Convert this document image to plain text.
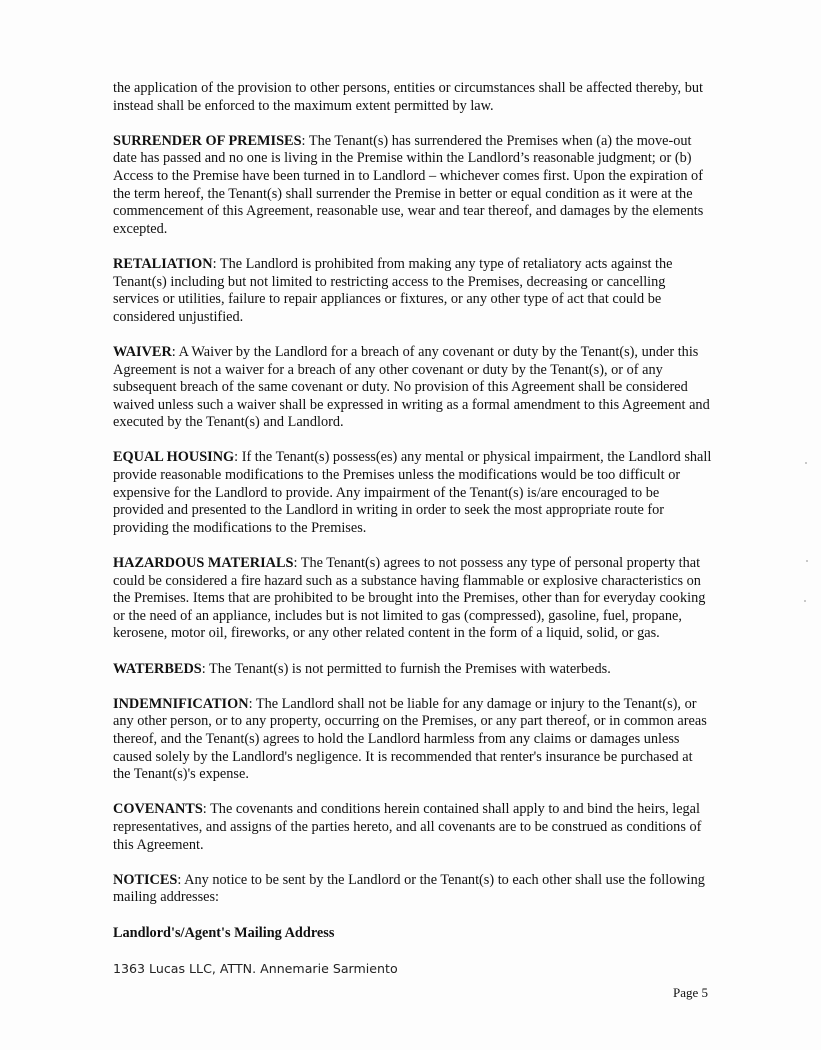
the application of the provision to other persons, entities or circumstances shall be affected thereby, but instead shall be enforced to the maximum extent permitted by law.

SURRENDER OF PREMISES: The Tenant(s) has surrendered the Premises when (a) the move-out date has passed and no one is living in the Premise within the Landlord’s reasonable judgment; or (b) Access to the Premise have been turned in to Landlord – whichever comes first. Upon the expiration of the term hereof, the Tenant(s) shall surrender the Premise in better or equal condition as it were at the commencement of this Agreement, reasonable use, wear and tear thereof, and damages by the elements excepted.

RETALIATION: The Landlord is prohibited from making any type of retaliatory acts against the Tenant(s) including but not limited to restricting access to the Premises, decreasing or cancelling services or utilities, failure to repair appliances or fixtures, or any other type of act that could be considered unjustified.

WAIVER: A Waiver by the Landlord for a breach of any covenant or duty by the Tenant(s), under this Agreement is not a waiver for a breach of any other covenant or duty by the Tenant(s), or of any subsequent breach of the same covenant or duty. No provision of this Agreement shall be considered waived unless such a waiver shall be expressed in writing as a formal amendment to this Agreement and executed by the Tenant(s) and Landlord.

EQUAL HOUSING: If the Tenant(s) possess(es) any mental or physical impairment, the Landlord shall provide reasonable modifications to the Premises unless the modifications would be too difficult or expensive for the Landlord to provide. Any impairment of the Tenant(s) is/are encouraged to be provided and presented to the Landlord in writing in order to seek the most appropriate route for providing the modifications to the Premises.

HAZARDOUS MATERIALS: The Tenant(s) agrees to not possess any type of personal property that could be considered a fire hazard such as a substance having flammable or explosive characteristics on the Premises. Items that are prohibited to be brought into the Premises, other than for everyday cooking or the need of an appliance, includes but is not limited to gas (compressed), gasoline, fuel, propane, kerosene, motor oil, fireworks, or any other related content in the form of a liquid, solid, or gas.

WATERBEDS: The Tenant(s) is not permitted to furnish the Premises with waterbeds.

INDEMNIFICATION: The Landlord shall not be liable for any damage or injury to the Tenant(s), or any other person, or to any property, occurring on the Premises, or any part thereof, or in common areas thereof, and the Tenant(s) agrees to hold the Landlord harmless from any claims or damages unless caused solely by the Landlord's negligence. It is recommended that renter's insurance be purchased at the Tenant(s)'s expense.

COVENANTS: The covenants and conditions herein contained shall apply to and bind the heirs, legal representatives, and assigns of the parties hereto, and all covenants are to be construed as conditions of this Agreement.

NOTICES: Any notice to be sent by the Landlord or the Tenant(s) to each other shall use the following mailing addresses:

Landlord's/Agent's Mailing Address

1363 Lucas LLC, ATTN. Annemarie Sarmiento

Page 5
